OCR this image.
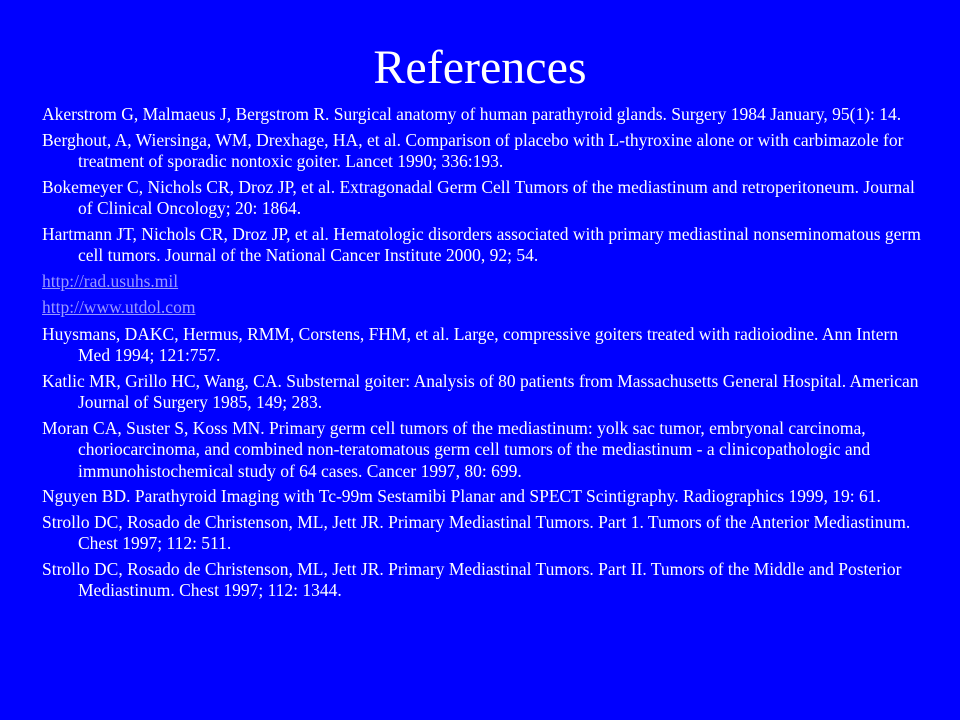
References
Akerstrom G, Malmaeus J, Bergstrom R. Surgical anatomy of human parathyroid glands. Surgery 1984 January, 95(1): 14.
Berghout, A, Wiersinga, WM, Drexhage, HA, et al. Comparison of placebo with L-thyroxine alone or with carbimazole for treatment of sporadic nontoxic goiter. Lancet 1990; 336:193.
Bokemeyer C, Nichols CR, Droz JP, et al. Extragonadal Germ Cell Tumors of the mediastinum and retroperitoneum. Journal of Clinical Oncology; 20: 1864.
Hartmann JT, Nichols CR, Droz JP, et al. Hematologic disorders associated with primary mediastinal nonseminomatous germ cell tumors. Journal of the National Cancer Institute 2000, 92; 54.
http://rad.usuhs.mil
http://www.utdol.com
Huysmans, DAKC, Hermus, RMM, Corstens, FHM, et al. Large, compressive goiters treated with radioiodine. Ann Intern Med 1994; 121:757.
Katlic MR, Grillo HC, Wang, CA. Substernal goiter: Analysis of 80 patients from Massachusetts General Hospital. American Journal of Surgery 1985, 149; 283.
Moran CA, Suster S, Koss MN. Primary germ cell tumors of the mediastinum: yolk sac tumor, embryonal carcinoma, choriocarcinoma, and combined non-teratomatous germ cell tumors of the mediastinum - a clinicopathologic and immunohistochemical study of 64 cases. Cancer 1997, 80: 699.
Nguyen BD. Parathyroid Imaging with Tc-99m Sestamibi Planar and SPECT Scintigraphy. Radiographics 1999, 19: 61.
Strollo DC, Rosado de Christenson, ML, Jett JR. Primary Mediastinal Tumors. Part 1. Tumors of the Anterior Mediastinum. Chest 1997; 112: 511.
Strollo DC, Rosado de Christenson, ML, Jett JR. Primary Mediastinal Tumors. Part II. Tumors of the Middle and Posterior Mediastinum. Chest 1997; 112: 1344.
